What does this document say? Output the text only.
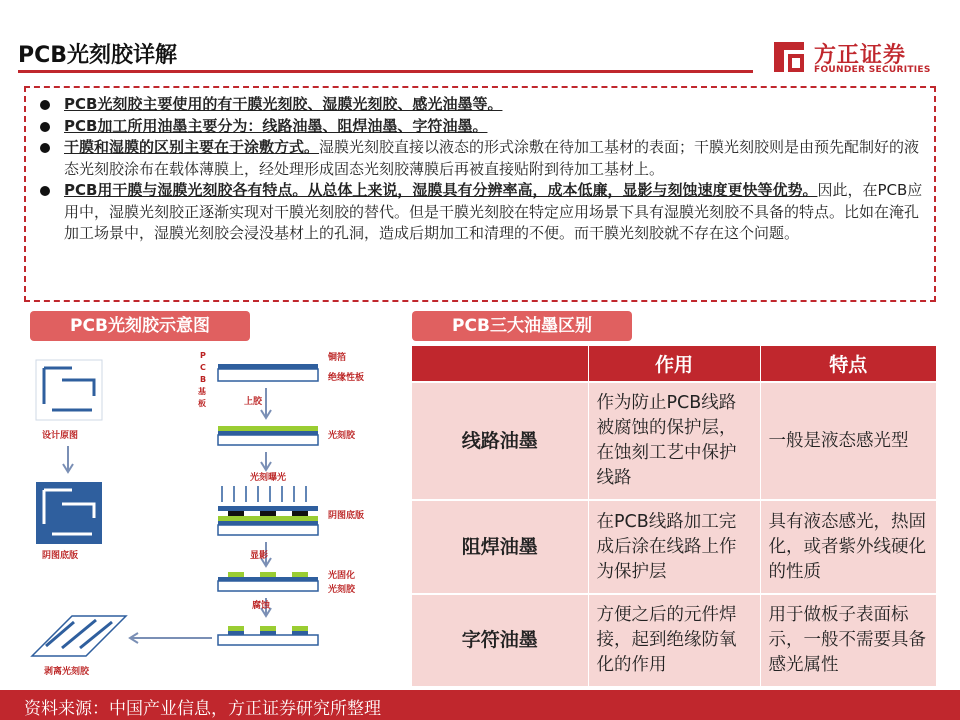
PCB光刻胶详解	方正证券
FOUNDER SECURITIES
PCB光刻胶主要使用的有干膜光刻胶、湿膜光刻胶、感光油墨等。
PCB加工所用油墨主要分为：线路油墨、阻焊油墨、字符油墨。
干膜和湿膜的区别主要在于涂敷方式。湿膜光刻胶直接以液态的形式涂敷在待加工基材的表面；干膜光刻胶则是由预先配制好的液态光刻胶涂布在载体薄膜上，经处理形成固态光刻胶薄膜后再被直接贴附到待加工基材上。
PCB用干膜与湿膜光刻胶各有特点。从总体上来说，湿膜具有分辨率高，成本低廉，显影与刻蚀速度更快等优势。因此，在PCB应用中，湿膜光刻胶正逐渐实现对干膜光刻胶的替代。但是干膜光刻胶在特定应用场景下具有湿膜光刻胶不具备的特点。比如在淹孔加工场景中，湿膜光刻胶会浸没基材上的孔洞，造成后期加工和清理的不便。而干膜光刻胶就不存在这个问题。
PCB光刻胶示意图	PCB三大油墨区别
设计原图
阴图底版
P
C
B
基
板
铜箔
绝缘性板
上胶
光刻胶
光刻曝光
阴图底版
显影
光固化
光刻胶
腐蚀
剥离光刻胶
	作用	特点
线路油墨	作为防止PCB线路被腐蚀的保护层，在蚀刻工艺中保护线路	一般是液态感光型
阻焊油墨	在PCB线路加工完成后涂在线路上作为保护层	具有液态感光，热固化，或者紫外线硬化的性质
字符油墨	方便之后的元件焊接，起到绝缘防氧化的作用	用于做板子表面标示，一般不需要具备感光属性
资料来源：中国产业信息，方正证券研究所整理
